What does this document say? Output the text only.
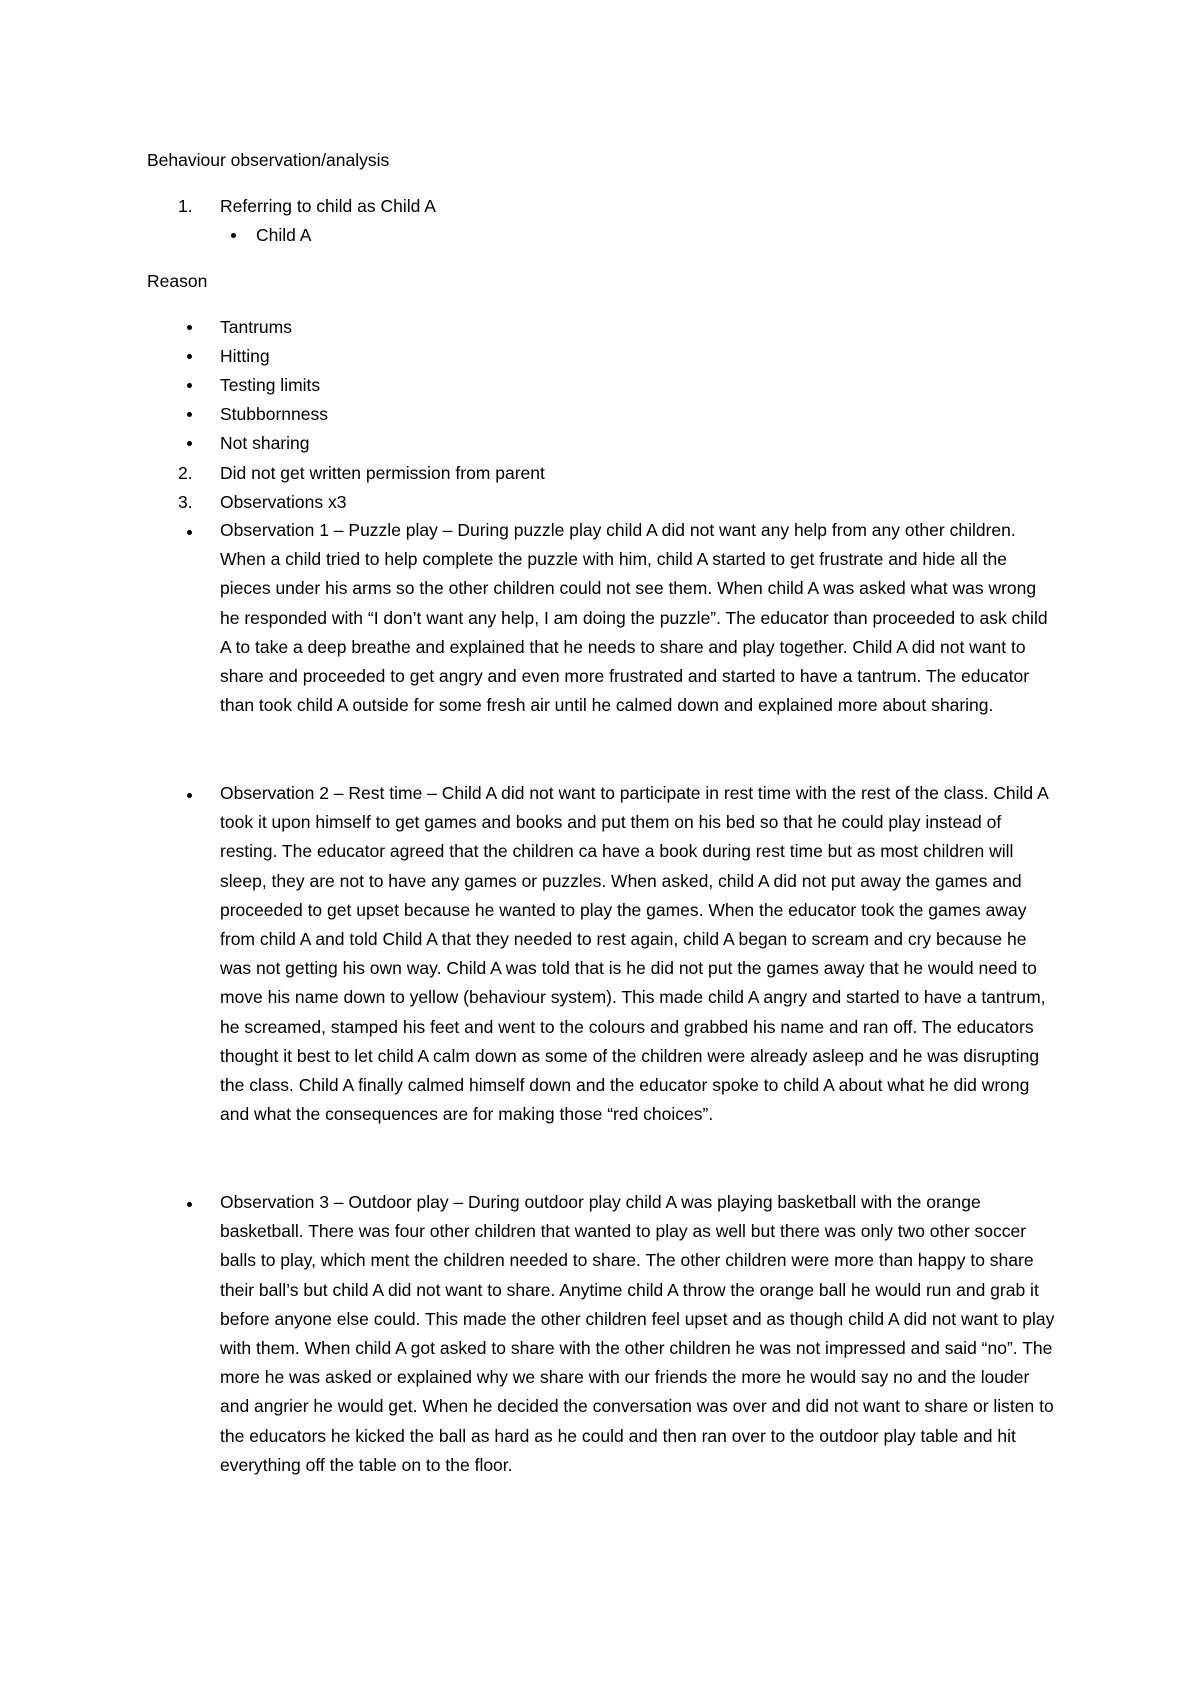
Behaviour observation/analysis
1. Referring to child as Child A
Child A
Reason
Tantrums
Hitting
Testing limits
Stubbornness
Not sharing
2. Did not get written permission from parent
3. Observations x3

Observation 1 – Puzzle play – During puzzle play child A did not want any help from any other children. When a child tried to help complete the puzzle with him, child A started to get frustrate and hide all the pieces under his arms so the other children could not see them. When child A was asked what was wrong he responded with “I don’t want any help, I am doing the puzzle”. The educator than proceeded to ask child A to take a deep breathe and explained that he needs to share and play together. Child A did not want to share and proceeded to get angry and even more frustrated and started to have a tantrum. The educator than took child A outside for some fresh air until he calmed down and explained more about sharing.

Observation 2 – Rest time – Child A did not want to participate in rest time with the rest of the class. Child A took it upon himself to get games and books and put them on his bed so that he could play instead of resting. The educator agreed that the children ca have a book during rest time but as most children will sleep, they are not to have any games or puzzles. When asked, child A did not put away the games and proceeded to get upset because he wanted to play the games. When the educator took the games away from child A and told Child A that they needed to rest again, child A began to scream and cry because he was not getting his own way. Child A was told that is he did not put the games away that he would need to move his name down to yellow (behaviour system). This made child A angry and started to have a tantrum, he screamed, stamped his feet and went to the colours and grabbed his name and ran off. The educators thought it best to let child A calm down as some of the children were already asleep and he was disrupting the class. Child A finally calmed himself down and the educator spoke to child A about what he did wrong and what the consequences are for making those “red choices”.

Observation 3 – Outdoor play – During outdoor play child A was playing basketball with the orange basketball. There was four other children that wanted to play as well but there was only two other soccer balls to play, which ment the children needed to share. The other children were more than happy to share their ball’s but child A did not want to share. Anytime child A throw the orange ball he would run and grab it before anyone else could. This made the other children feel upset and as though child A did not want to play with them. When child A got asked to share with the other children he was not impressed and said “no”. The more he was asked or explained why we share with our friends the more he would say no and the louder and angrier he would get. When he decided the conversation was over and did not want to share or listen to the educators he kicked the ball as hard as he could and then ran over to the outdoor play table and hit everything off the table on to the floor.
